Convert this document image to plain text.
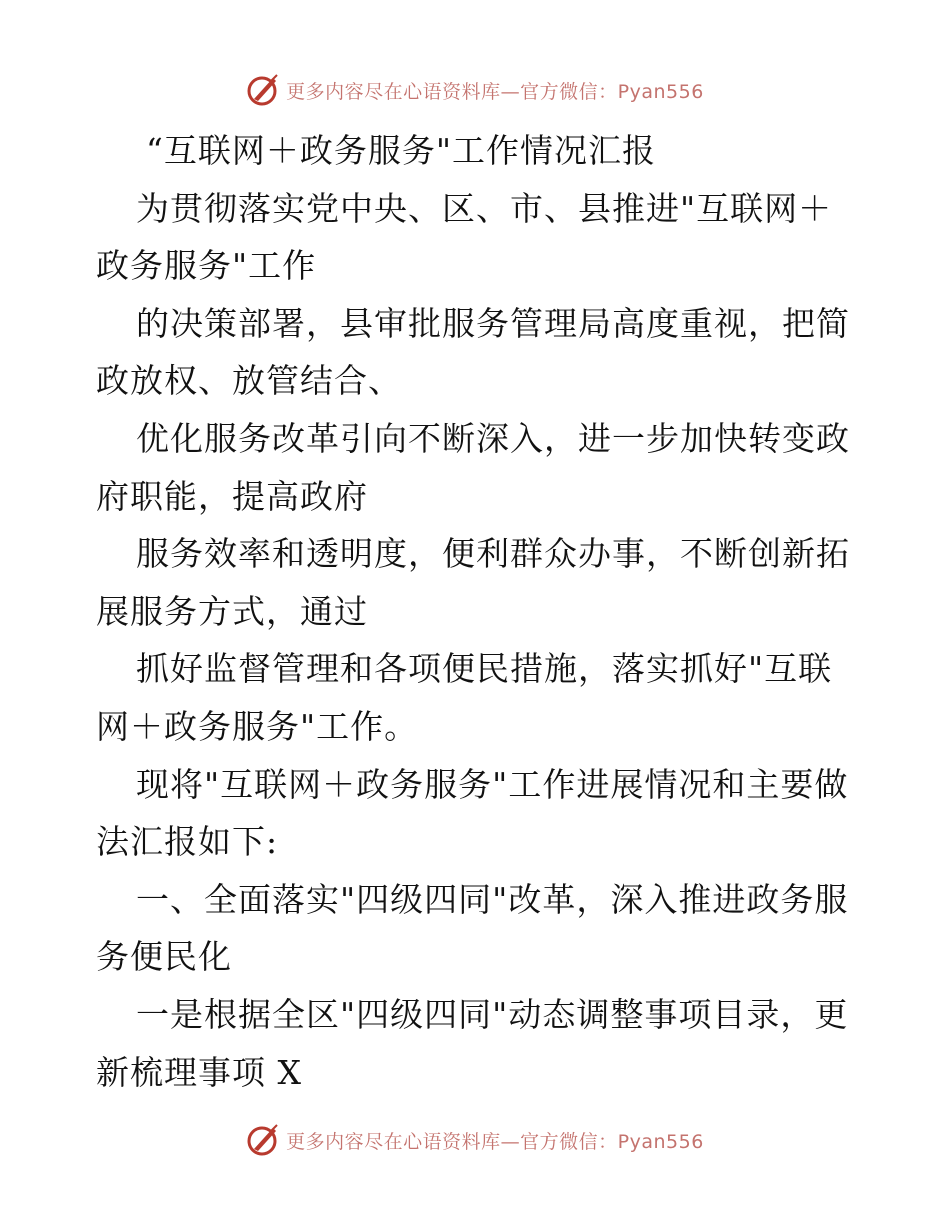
更多内容尽在心语资料库—官方微信：Pyan556
“互联网＋政务服务"工作情况汇报
为贯彻落实党中央、区、市、县推进"互联网＋
政务服务"工作
的决策部署，县审批服务管理局高度重视，把简
政放权、放管结合、
优化服务改革引向不断深入，进一步加快转变政
府职能，提高政府
服务效率和透明度，便利群众办事，不断创新拓
展服务方式，通过
抓好监督管理和各项便民措施，落实抓好"互联
网＋政务服务"工作。
现将"互联网＋政务服务"工作进展情况和主要做
法汇报如下:
一、全面落实"四级四同"改革，深入推进政务服
务便民化
一是根据全区"四级四同"动态调整事项目录，更
新梳理事项 X
更多内容尽在心语资料库—官方微信：Pyan556
